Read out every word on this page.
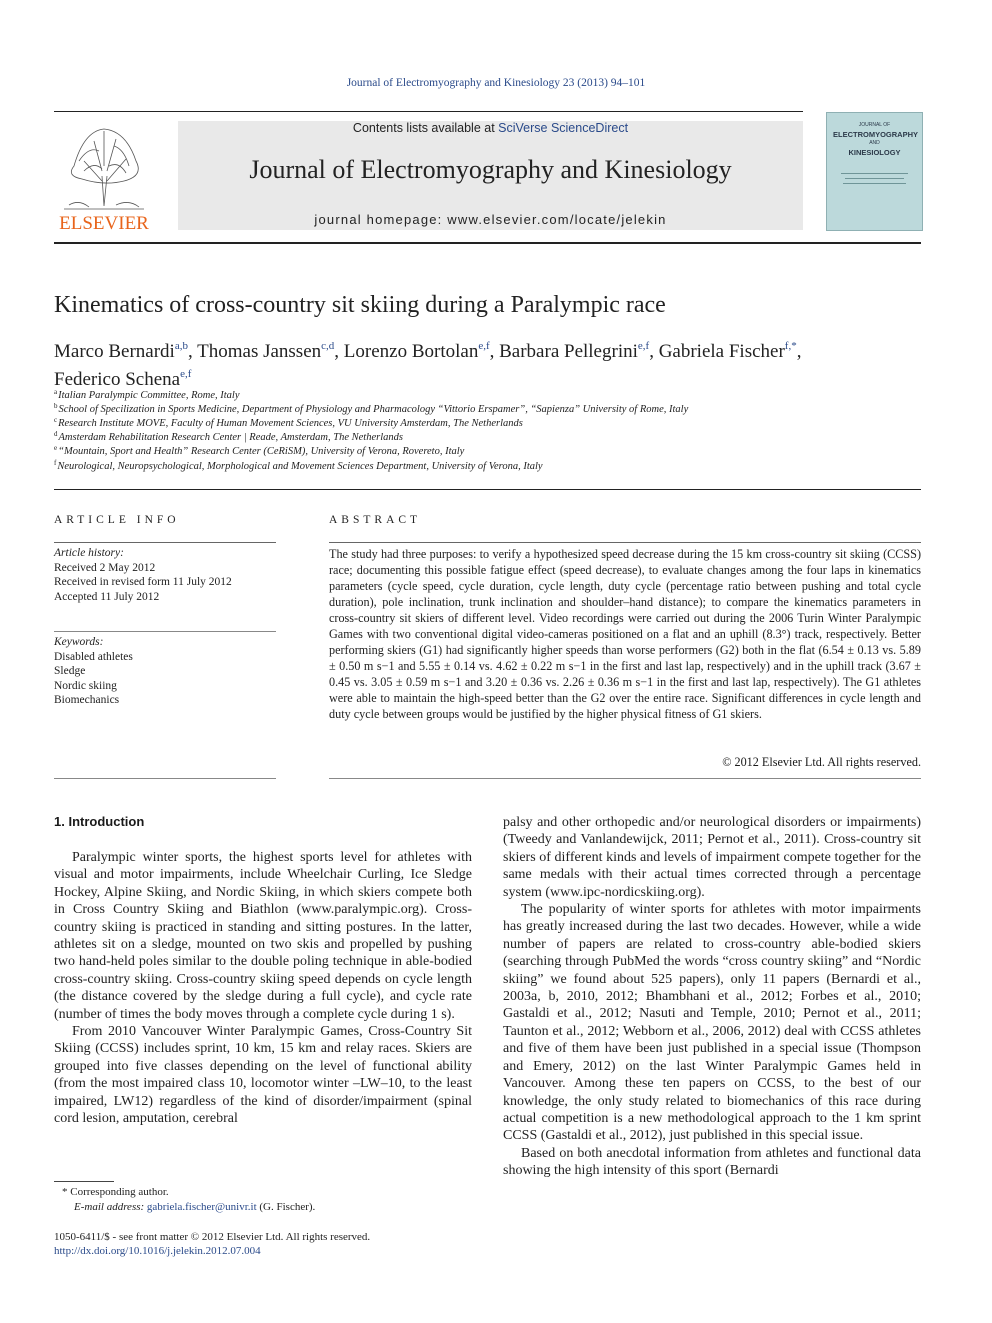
Journal of Electromyography and Kinesiology 23 (2013) 94–101
ELSEVIER
Contents lists available at SciVerse ScienceDirect
Journal of Electromyography and Kinesiology
journal homepage: www.elsevier.com/locate/jelekin
JOURNAL OF
ELECTROMYOGRAPHY
AND
KINESIOLOGY
Kinematics of cross-country sit skiing during a Paralympic race
Marco Bernardi$^{a,b}$, Thomas Janssen$^{c,d}$, Lorenzo Bortolan$^{e,f}$, Barbara Pellegrini$^{e,f}$, Gabriela Fischer$^{f,*}$,
Federico Schena$^{e,f}$
$^a$Italian Paralympic Committee, Rome, Italy
$^b$School of Specilization in Sports Medicine, Department of Physiology and Pharmacology “Vittorio Erspamer”, “Sapienza” University of Rome, Italy
$^c$Research Institute MOVE, Faculty of Human Movement Sciences, VU University Amsterdam, The Netherlands
$^d$Amsterdam Rehabilitation Research Center | Reade, Amsterdam, The Netherlands
$^e$“Mountain, Sport and Health” Research Center (CeRiSM), University of Verona, Rovereto, Italy
$^f$Neurological, Neuropsychological, Morphological and Movement Sciences Department, University of Verona, Italy
ARTICLE INFO
Article history:
Received 2 May 2012
Received in revised form 11 July 2012
Accepted 11 July 2012
Keywords:
Disabled athletes
Sledge
Nordic skiing
Biomechanics
ABSTRACT
The study had three purposes: to verify a hypothesized speed decrease during the 15 km cross-country sit skiing (CCSS) race; documenting this possible fatigue effect (speed decrease), to evaluate changes among the four laps in kinematics parameters (cycle speed, cycle duration, cycle length, duty cycle (percentage ratio between pushing and total cycle duration), pole inclination, trunk inclination and shoulder–hand distance); to compare the kinematics parameters in cross-country sit skiers of different level. Video recordings were carried out during the 2006 Turin Winter Paralympic Games with two conventional digital video-cameras positioned on a flat and an uphill (8.3°) track, respectively. Better performing skiers (G1) had significantly higher speeds than worse performers (G2) both in the flat (6.54 ± 0.13 vs. 5.89 ± 0.50 m s−1 and 5.55 ± 0.14 vs. 4.62 ± 0.22 m s−1 in the first and last lap, respectively) and in the uphill track (3.67 ± 0.45 vs. 3.05 ± 0.59 m s−1 and 3.20 ± 0.36 vs. 2.26 ± 0.36 m s−1 in the first and last lap, respectively). The G1 athletes were able to maintain the high-speed better than the G2 over the entire race. Significant differences in cycle length and duty cycle between groups would be justified by the higher physical fitness of G1 skiers.
© 2012 Elsevier Ltd. All rights reserved.
1. Introduction

Paralympic winter sports, the highest sports level for athletes with visual and motor impairments, include Wheelchair Curling, Ice Sledge Hockey, Alpine Skiing, and Nordic Skiing, in which skiers compete both in Cross Country Skiing and Biathlon (www.paralympic.org). Cross-country skiing is practiced in standing and sitting postures. In the latter, athletes sit on a sledge, mounted on two skis and propelled by pushing two hand-held poles similar to the double poling technique in able-bodied cross-country skiing. Cross-country skiing speed depends on cycle length (the distance covered by the sledge during a full cycle), and cycle rate (number of times the body moves through a complete cycle during 1 s).

From 2010 Vancouver Winter Paralympic Games, Cross-Country Sit Skiing (CCSS) includes sprint, 10 km, 15 km and relay races. Skiers are grouped into five classes depending on the level of functional ability (from the most impaired class 10, locomotor winter –LW–10, to the least impaired, LW12) regardless of the kind of disorder/impairment (spinal cord lesion, amputation, cerebral

palsy and other orthopedic and/or neurological disorders or impairments) (Tweedy and Vanlandewijck, 2011; Pernot et al., 2011). Cross-country sit skiers of different kinds and levels of impairment compete together for the same medals with their actual times corrected through a percentage system (www.ipc-nordicskiing.org).

The popularity of winter sports for athletes with motor impairments has greatly increased during the last two decades. However, while a wide number of papers are related to cross-country able-bodied skiers (searching through PubMed the words “cross country skiing” and “Nordic skiing” we found about 525 papers), only 11 papers (Bernardi et al., 2003a, b, 2010, 2012; Bhambhani et al., 2012; Forbes et al., 2010; Gastaldi et al., 2012; Nasuti and Temple, 2010; Pernot et al., 2011; Taunton et al., 2012; Webborn et al., 2006, 2012) deal with CCSS athletes and five of them have been just published in a special issue (Thompson and Emery, 2012) on the last Winter Paralympic Games held in Vancouver. Among these ten papers on CCSS, to the best of our knowledge, the only study related to biomechanics of this race during actual competition is a new methodological approach to the 1 km sprint CCSS (Gastaldi et al., 2012), just published in this special issue.

Based on both anecdotal information from athletes and functional data showing the high intensity of this sport (Bernardi

* Corresponding author.
E-mail address: gabriela.fischer@univr.it (G. Fischer).
1050-6411/$ - see front matter © 2012 Elsevier Ltd. All rights reserved.
http://dx.doi.org/10.1016/j.jelekin.2012.07.004
